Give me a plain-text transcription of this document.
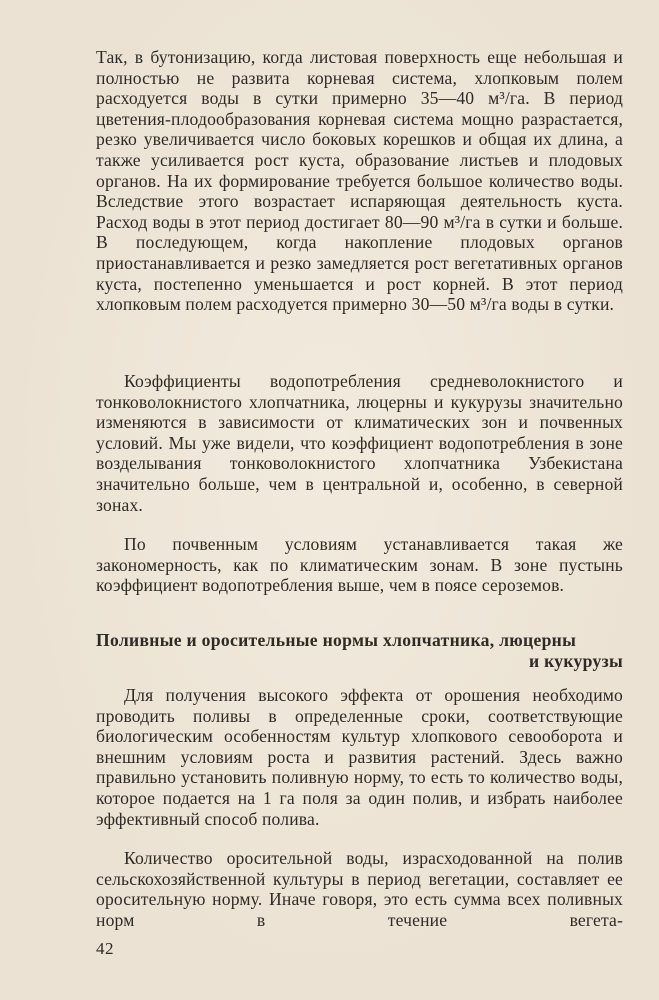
Так, в бутонизацию, когда листовая поверхность еще небольшая и полностью не развита корневая система, хлопковым полем расходуется воды в сутки примерно 35—40 м³/га. В период цветения-плодообразования корневая система мощно разрастается, резко увеличивается число боковых корешков и общая их длина, а также усиливается рост куста, образование листьев и плодовых органов. На их формирование требуется большое количество воды. Вследствие этого возрастает испаряющая деятельность куста. Расход воды в этот период достигает 80—90 м³/га в сутки и больше. В последующем, когда накопление плодовых органов приостанавливается и резко замедляется рост вегетативных органов куста, постепенно уменьшается и рост корней. В этот период хлопковым полем расходуется примерно 30—50 м³/га воды в сутки.

Коэффициенты водопотребления средневолокнистого и тонковолокнистого хлопчатника, люцерны и кукурузы значительно изменяются в зависимости от климатических зон и почвенных условий. Мы уже видели, что коэффициент водопотребления в зоне возделывания тонковолокнистого хлопчатника Узбекистана значительно больше, чем в центральной и, особенно, в северной зонах.

По почвенным условиям устанавливается такая же закономерность, как по климатическим зонам. В зоне пустынь коэффициент водопотребления выше, чем в поясе сероземов.

Поливные и оросительные нормы хлопчатника, люцерны
и кукурузы

Для получения высокого эффекта от орошения необходимо проводить поливы в определенные сроки, соответствующие биологическим особенностям культур хлопкового севооборота и внешним условиям роста и развития растений. Здесь важно правильно установить поливную норму, то есть то количество воды, которое подается на 1 га поля за один полив, и избрать наиболее эффективный способ полива.

Количество оросительной воды, израсходованной на полив сельскохозяйственной культуры в период вегетации, составляет ее оросительную норму. Иначе говоря, это есть сумма всех поливных норм в течение вегета-

42
